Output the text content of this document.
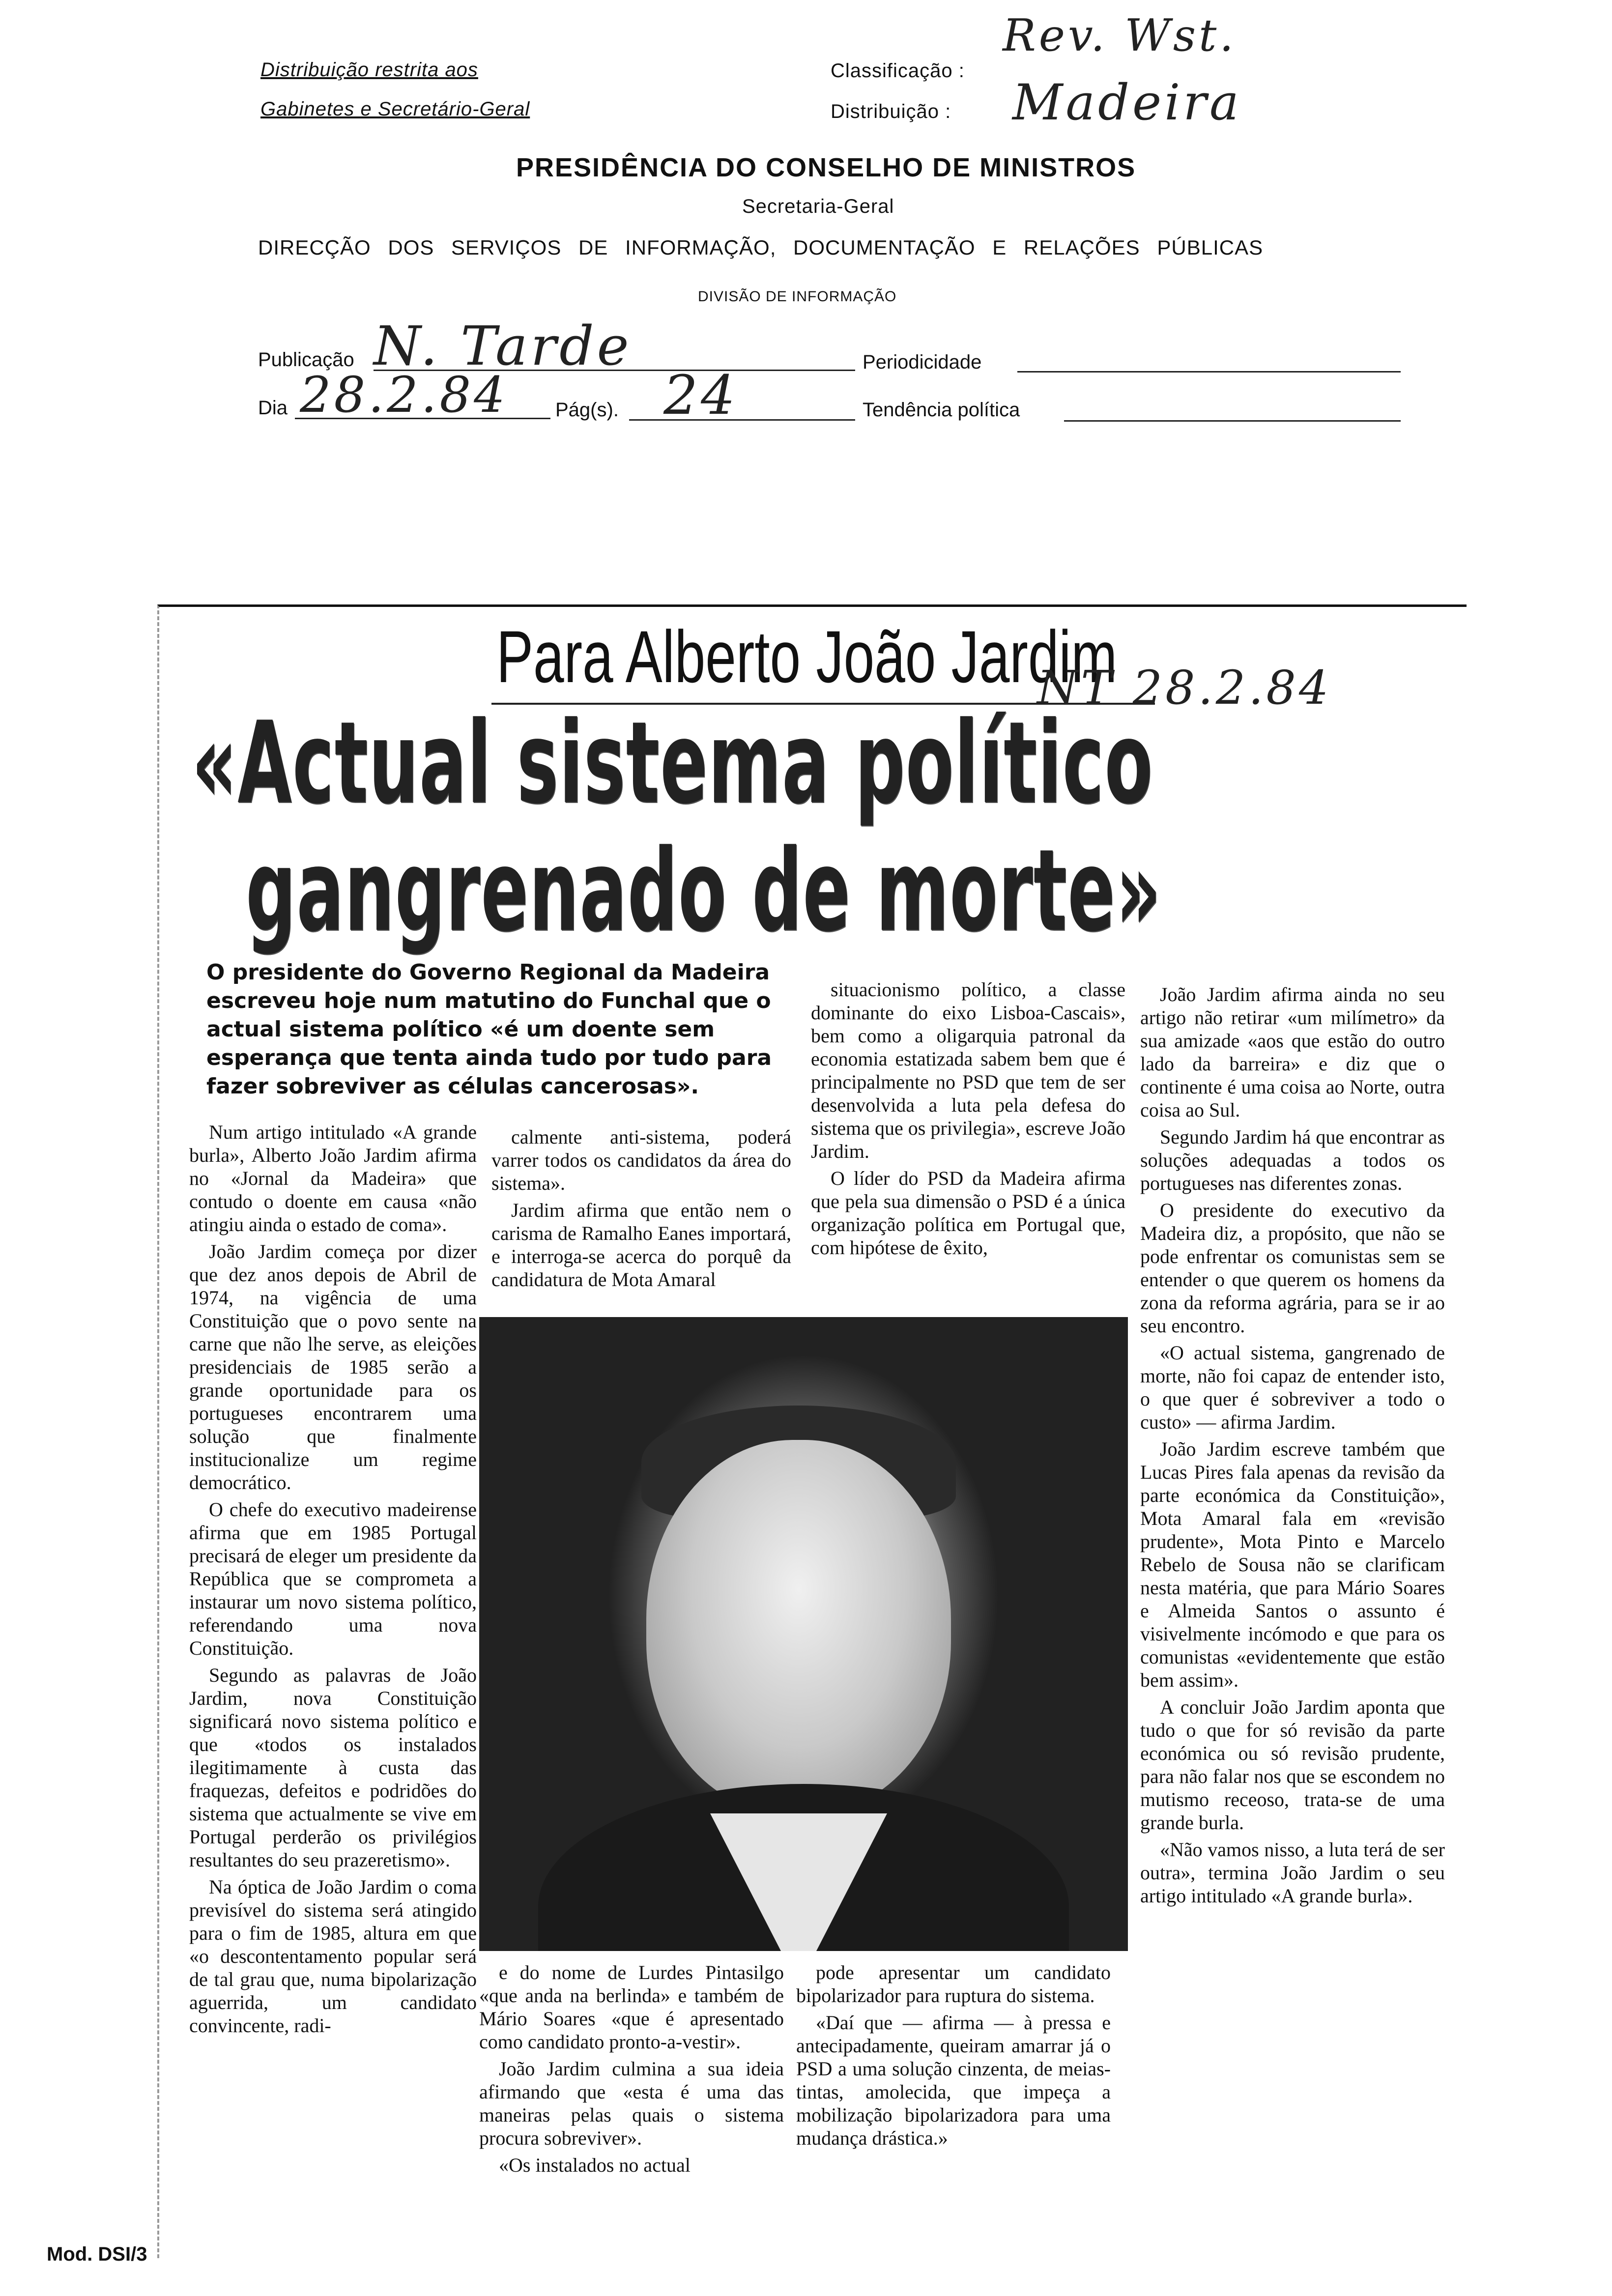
Distribuição restrita aos
Gabinetes e Secretário-Geral
Classificação :
Distribuição :
Rev. Wst.
Madeira
PRESIDÊNCIA DO CONSELHO DE MINISTROS
Secretaria-Geral
DIRECÇÃO DOS SERVIÇOS DE INFORMAÇÃO, DOCUMENTAÇÃO E RELAÇÕES PÚBLICAS
DIVISÃO DE INFORMAÇÃO
Publicação N. Tarde	Periodicidade
Dia 28.2.84 Pág(s). 24	Tendência política
Para Alberto João Jardim
NT 28.2.84
«Actual sistema político
gangrenado de morte»
O presidente do Governo Regional da Madeira escreveu hoje num matutino do Funchal que o actual sistema político «é um doente sem esperança que tenta ainda tudo por tudo para fazer sobreviver as células cancerosas».

Num artigo intitulado «A grande burla», Alberto João Jardim afirma no «Jornal da Madeira» que contudo o doente em causa «não atingiu ainda o estado de coma».

João Jardim começa por dizer que dez anos depois de Abril de 1974, na vigência de uma Constituição que o povo sente na carne que não lhe serve, as eleições presidenciais de 1985 serão a grande oportunidade para os portugueses encontrarem uma solução que finalmente institucionalize um regime democrático.

O chefe do executivo madeirense afirma que em 1985 Portugal precisará de eleger um presidente da República que se comprometa a instaurar um novo sistema político, referendando uma nova Constituição.

Segundo as palavras de João Jardim, nova Constituição significará novo sistema político e que «todos os instalados ilegitimamente à custa das fraquezas, defeitos e podridões do sistema que actualmente se vive em Portugal perderão os privilégios resultantes do seu prazeretismo».

Na óptica de João Jardim o coma previsível do sistema será atingido para o fim de 1985, altura em que «o descontentamento popular será de tal grau que, numa bipolarização aguerrida, um candidato convincente, radi-

calmente anti-sistema, poderá varrer todos os candidatos da área do sistema».

Jardim afirma que então nem o carisma de Ramalho Eanes importará, e interroga-se acerca do porquê da candidatura de Mota Amaral

situacionismo político, a classe dominante do eixo Lisboa-Cascais», bem como a oligarquia patronal da economia estatizada sabem bem que é principalmente no PSD que tem de ser desenvolvida a luta pela defesa do sistema que os privilegia», escreve João Jardim.

O líder do PSD da Madeira afirma que pela sua dimensão o PSD é a única organização política em Portugal que, com hipótese de êxito,

e do nome de Lurdes Pintasilgo «que anda na berlinda» e também de Mário Soares «que é apresentado como candidato pronto-a-vestir».

João Jardim culmina a sua ideia afirmando que «esta é uma das maneiras pelas quais o sistema procura sobreviver».

«Os instalados no actual

pode apresentar um candidato bipolarizador para ruptura do sistema.

«Daí que — afirma — à pressa e antecipadamente, queiram amarrar já o PSD a uma solução cinzenta, de meias-tintas, amolecida, que impeça a mobilização bipolarizadora para uma mudança drástica.»

João Jardim afirma ainda no seu artigo não retirar «um milímetro» da sua amizade «aos que estão do outro lado da barreira» e diz que o continente é uma coisa ao Norte, outra coisa ao Sul.

Segundo Jardim há que encontrar as soluções adequadas a todos os portugueses nas diferentes zonas.

O presidente do executivo da Madeira diz, a propósito, que não se pode enfrentar os comunistas sem se entender o que querem os homens da zona da reforma agrária, para se ir ao seu encontro.

«O actual sistema, gangrenado de morte, não foi capaz de entender isto, o que quer é sobreviver a todo o custo» — afirma Jardim.

João Jardim escreve também que Lucas Pires fala apenas da revisão da parte económica da Constituição», Mota Amaral fala em «revisão prudente», Mota Pinto e Marcelo Rebelo de Sousa não se clarificam nesta matéria, que para Mário Soares e Almeida Santos o assunto é visivelmente incómodo e que para os comunistas «evidentemente que estão bem assim».

A concluir João Jardim aponta que tudo o que for só revisão da parte económica ou só revisão prudente, para não falar nos que se escondem no mutismo receoso, trata-se de uma grande burla.

«Não vamos nisso, a luta terá de ser outra», termina João Jardim o seu artigo intitulado «A grande burla».

Mod. DSI/3
